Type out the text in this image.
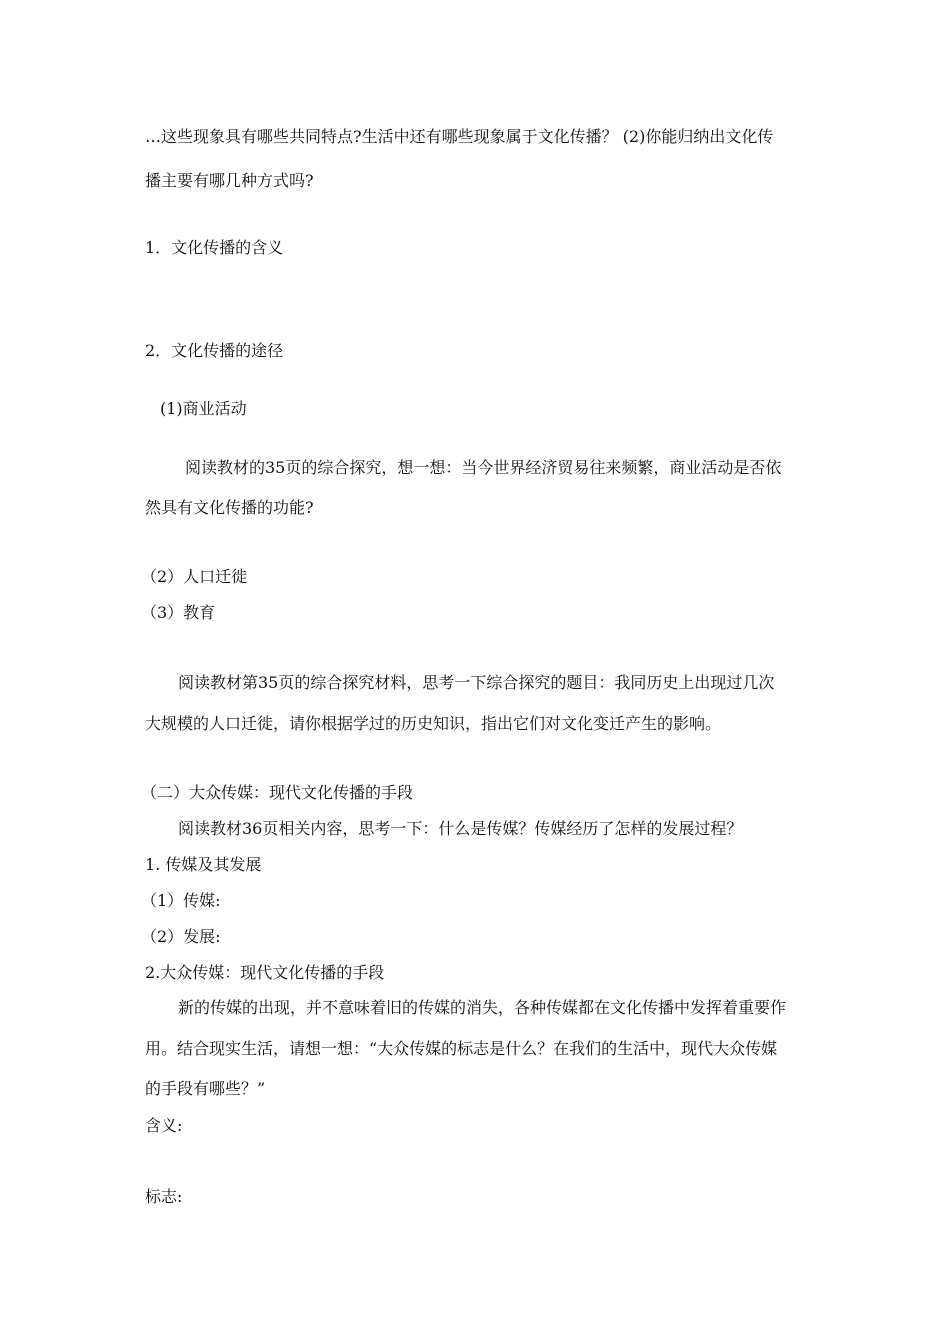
…这些现象具有哪些共同特点?生活中还有哪些现象属于文化传播？ (2)你能归纳出文化传

播主要有哪几种方式吗?

1．文化传播的含义

2．文化传播的途径

(1)商业活动

阅读教材的35页的综合探究，想一想：当今世界经济贸易往来频繁，商业活动是否依

然具有文化传播的功能?

（2）人口迁徙

（3）教育

阅读教材第35页的综合探究材料，思考一下综合探究的题目：我同历史上出现过几次

大规模的人口迁徙，请你根据学过的历史知识，指出它们对文化变迁产生的影响。

（二）大众传媒：现代文化传播的手段

阅读教材36页相关内容，思考一下：什么是传媒？传媒经历了怎样的发展过程？

1. 传媒及其发展

（1）传媒:

（2）发展:

2.大众传媒：现代文化传播的手段

新的传媒的出现，并不意味着旧的传媒的消失，各种传媒都在文化传播中发挥着重要作

用。结合现实生活，请想一想：“大众传媒的标志是什么？在我们的生活中，现代大众传媒

的手段有哪些？”

含义:

标志:
